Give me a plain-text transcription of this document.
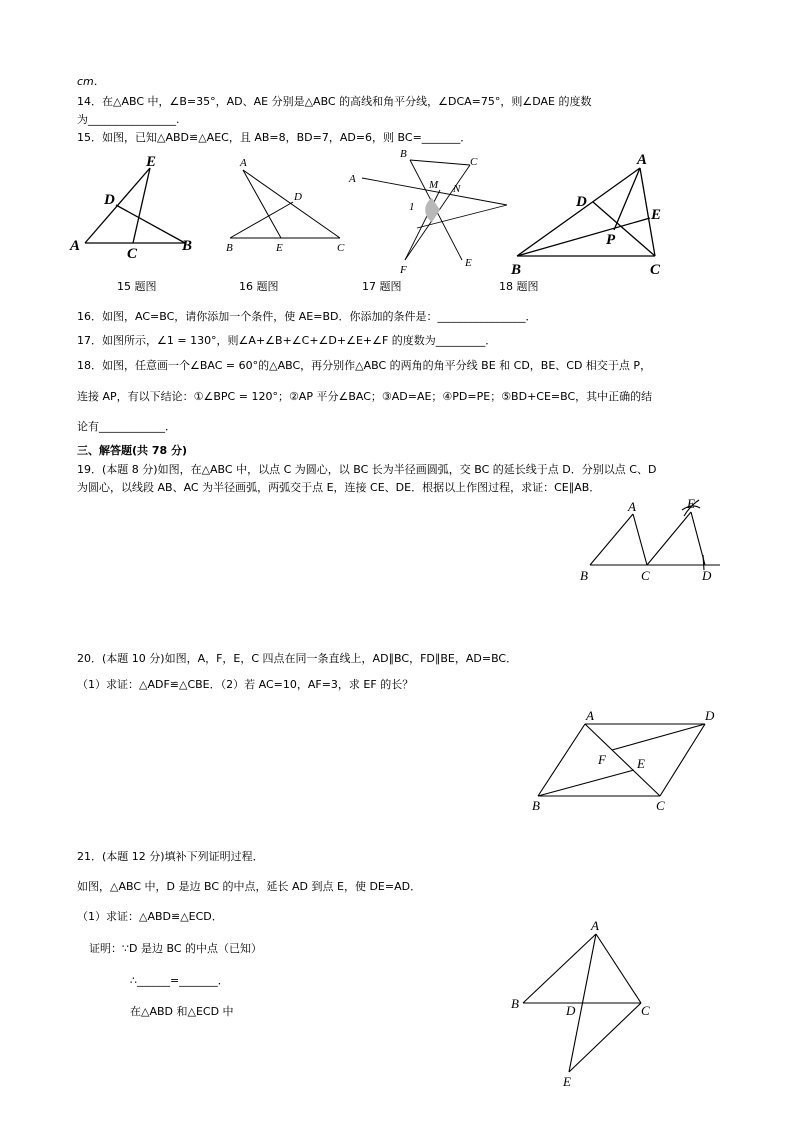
cm．
14．在△ABC 中，∠B=35°，AD、AE 分别是△ABC 的高线和角平分线，∠DCA=75°，则∠DAE 的度数
为________________.
15．如图，已知△ABD≌△AEC，且 AB=8，BD=7，AD=6，则 BC=_______．
E
D
A	C	B
A
D
B	E	C
B
C
A	M N
1
F
E
A
D
E
P
B	C
15 题图	16 题图	17 题图	18 题图
16．如图，AC=BC，请你添加一个条件，使 AE=BD．你添加的条件是：________________．
17．如图所示，∠1 = 130°，则∠A+∠B+∠C+∠D+∠E+∠F 的度数为_________．
18．如图，任意画一个∠BAC = 60°的△ABC，再分别作△ABC 的两角的角平分线 BE 和 CD，BE、CD 相交于点 P，
连接 AP，有以下结论：①∠BPC = 120°；②AP 平分∠BAC；③AD=AE；④PD=PE；⑤BD+CE=BC，其中正确的结
论有____________．
三、解答题(共 78 分)
19．(本题 8 分)如图，在△ABC 中，以点 C 为圆心，以 BC 长为半径画圆弧，交 BC 的延长线于点 D．分别以点 C、D
为圆心，以线段 AB、AC 为半径画弧，两弧交于点 E，连接 CE、DE．根据以上作图过程，求证：CE∥AB．
A	E
B	C	D
20．(本题 10 分)如图，A，F，E，C 四点在同一条直线上，AD∥BC，FD∥BE，AD=BC．
（1）求证：△ADF≌△CBE．（2）若 AC=10，AF=3，求 EF 的长？
A	D
F E
B	C
21．(本题 12 分)填补下列证明过程．
如图，△ABC 中，D 是边 BC 的中点，延长 AD 到点 E，使 DE=AD．
（1）求证：△ABD≌△ECD．
证明：∵D 是边 BC 的中点（已知）
∴______=_______．
在△ABD 和△ECD 中
A
B	D	C
E
